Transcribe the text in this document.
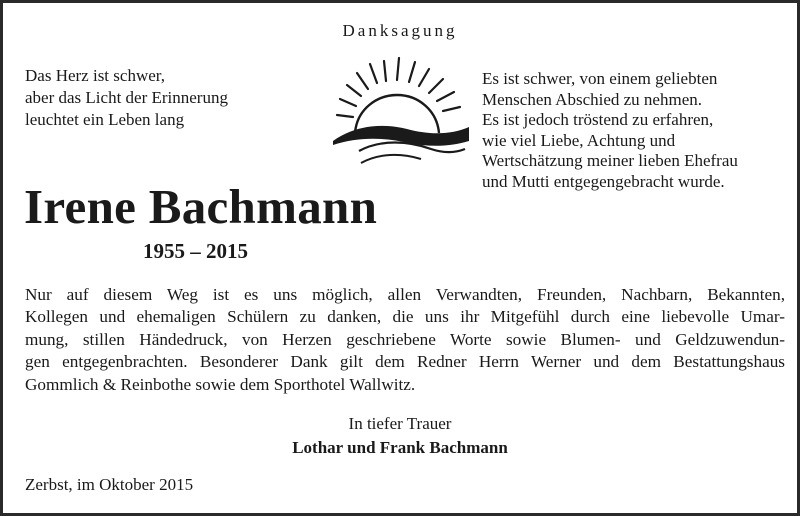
Danksagung
Das Herz ist schwer,
aber das Licht der Erinnerung
leuchtet ein Leben lang
Es ist schwer, von einem geliebten
Menschen Abschied zu nehmen.
Es ist jedoch tröstend zu erfahren,
wie viel Liebe, Achtung und
Wertschätzung meiner lieben Ehefrau
und Mutti entgegengebracht wurde.
Irene Bachmann
1955 – 2015
Nur auf diesem Weg ist es uns möglich, allen Verwandten, Freunden, Nachbarn, Bekannten,
Kollegen und ehemaligen Schülern zu danken, die uns ihr Mitgefühl durch eine liebevolle Umar-
mung, stillen Händedruck, von Herzen geschriebene Worte sowie Blumen- und Geldzuwendun-
gen entgegenbrachten. Besonderer Dank gilt dem Redner Herrn Werner und dem Bestattungshaus
Gommlich & Reinbothe sowie dem Sporthotel Wallwitz.
In tiefer Trauer
Lothar und Frank Bachmann
Zerbst, im Oktober 2015
